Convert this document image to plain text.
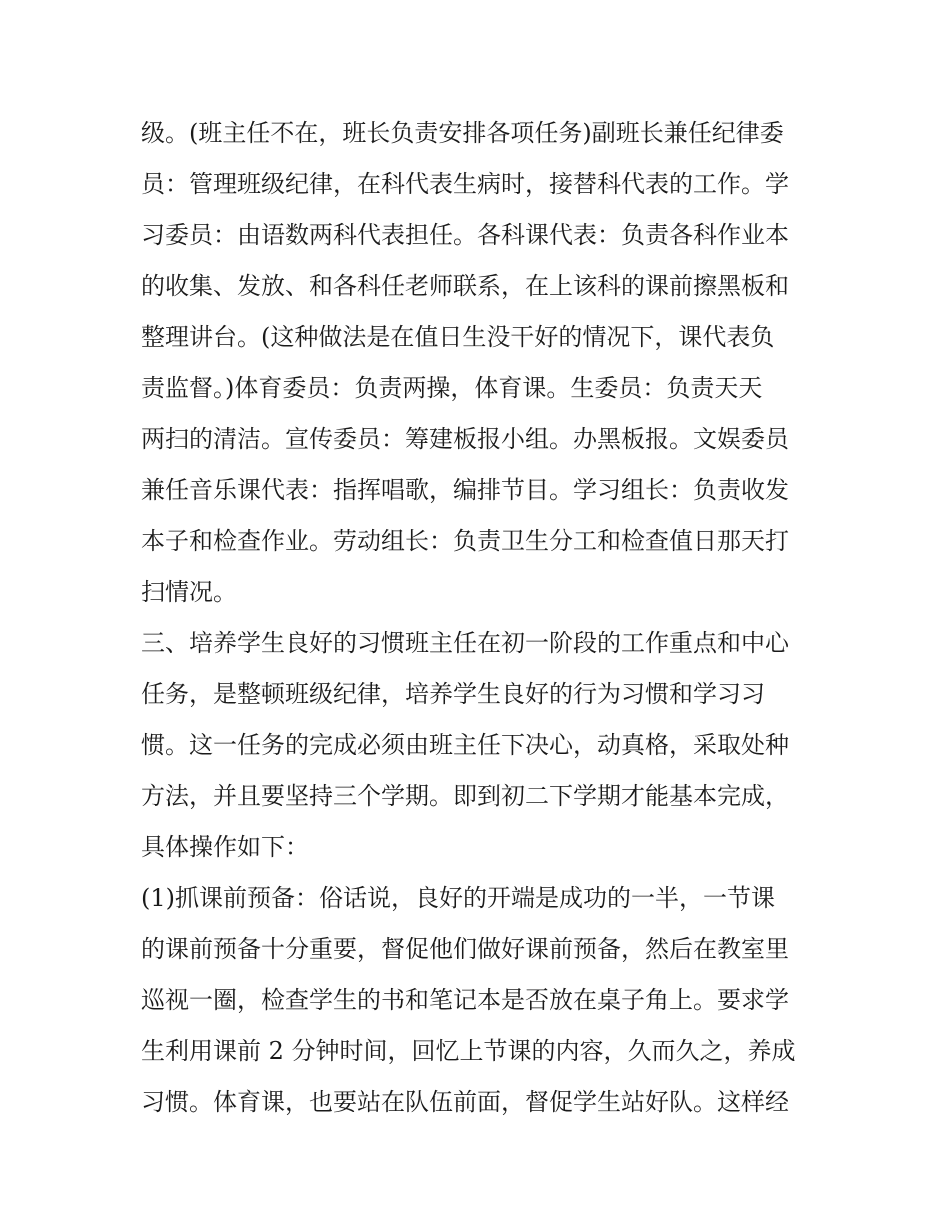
级。(班主任不在，班长负责安排各项任务)副班长兼任纪律委
员：管理班级纪律，在科代表生病时，接替科代表的工作。学
习委员：由语数两科代表担任。各科课代表：负责各科作业本
的收集、发放、和各科任老师联系，在上该科的课前擦黑板和
整理讲台。(这种做法是在值日生没干好的情况下，课代表负
责监督。)体育委员：负责两操，体育课。生委员：负责天天
两扫的清洁。宣传委员：筹建板报小组。办黑板报。文娱委员
兼任音乐课代表：指挥唱歌，编排节目。学习组长：负责收发
本子和检查作业。劳动组长：负责卫生分工和检查值日那天打
扫情况。
三、培养学生良好的习惯班主任在初一阶段的工作重点和中心
任务，是整顿班级纪律，培养学生良好的行为习惯和学习习
惯。这一任务的完成必须由班主任下决心，动真格，采取处种
方法，并且要坚持三个学期。即到初二下学期才能基本完成，
具体操作如下：
(1)抓课前预备：俗话说，良好的开端是成功的一半，一节课
的课前预备十分重要，督促他们做好课前预备，然后在教室里
巡视一圈，检查学生的书和笔记本是否放在桌子角上。要求学
生利用课前 2 分钟时间，回忆上节课的内容，久而久之，养成
习惯。体育课，也要站在队伍前面，督促学生站好队。这样经
